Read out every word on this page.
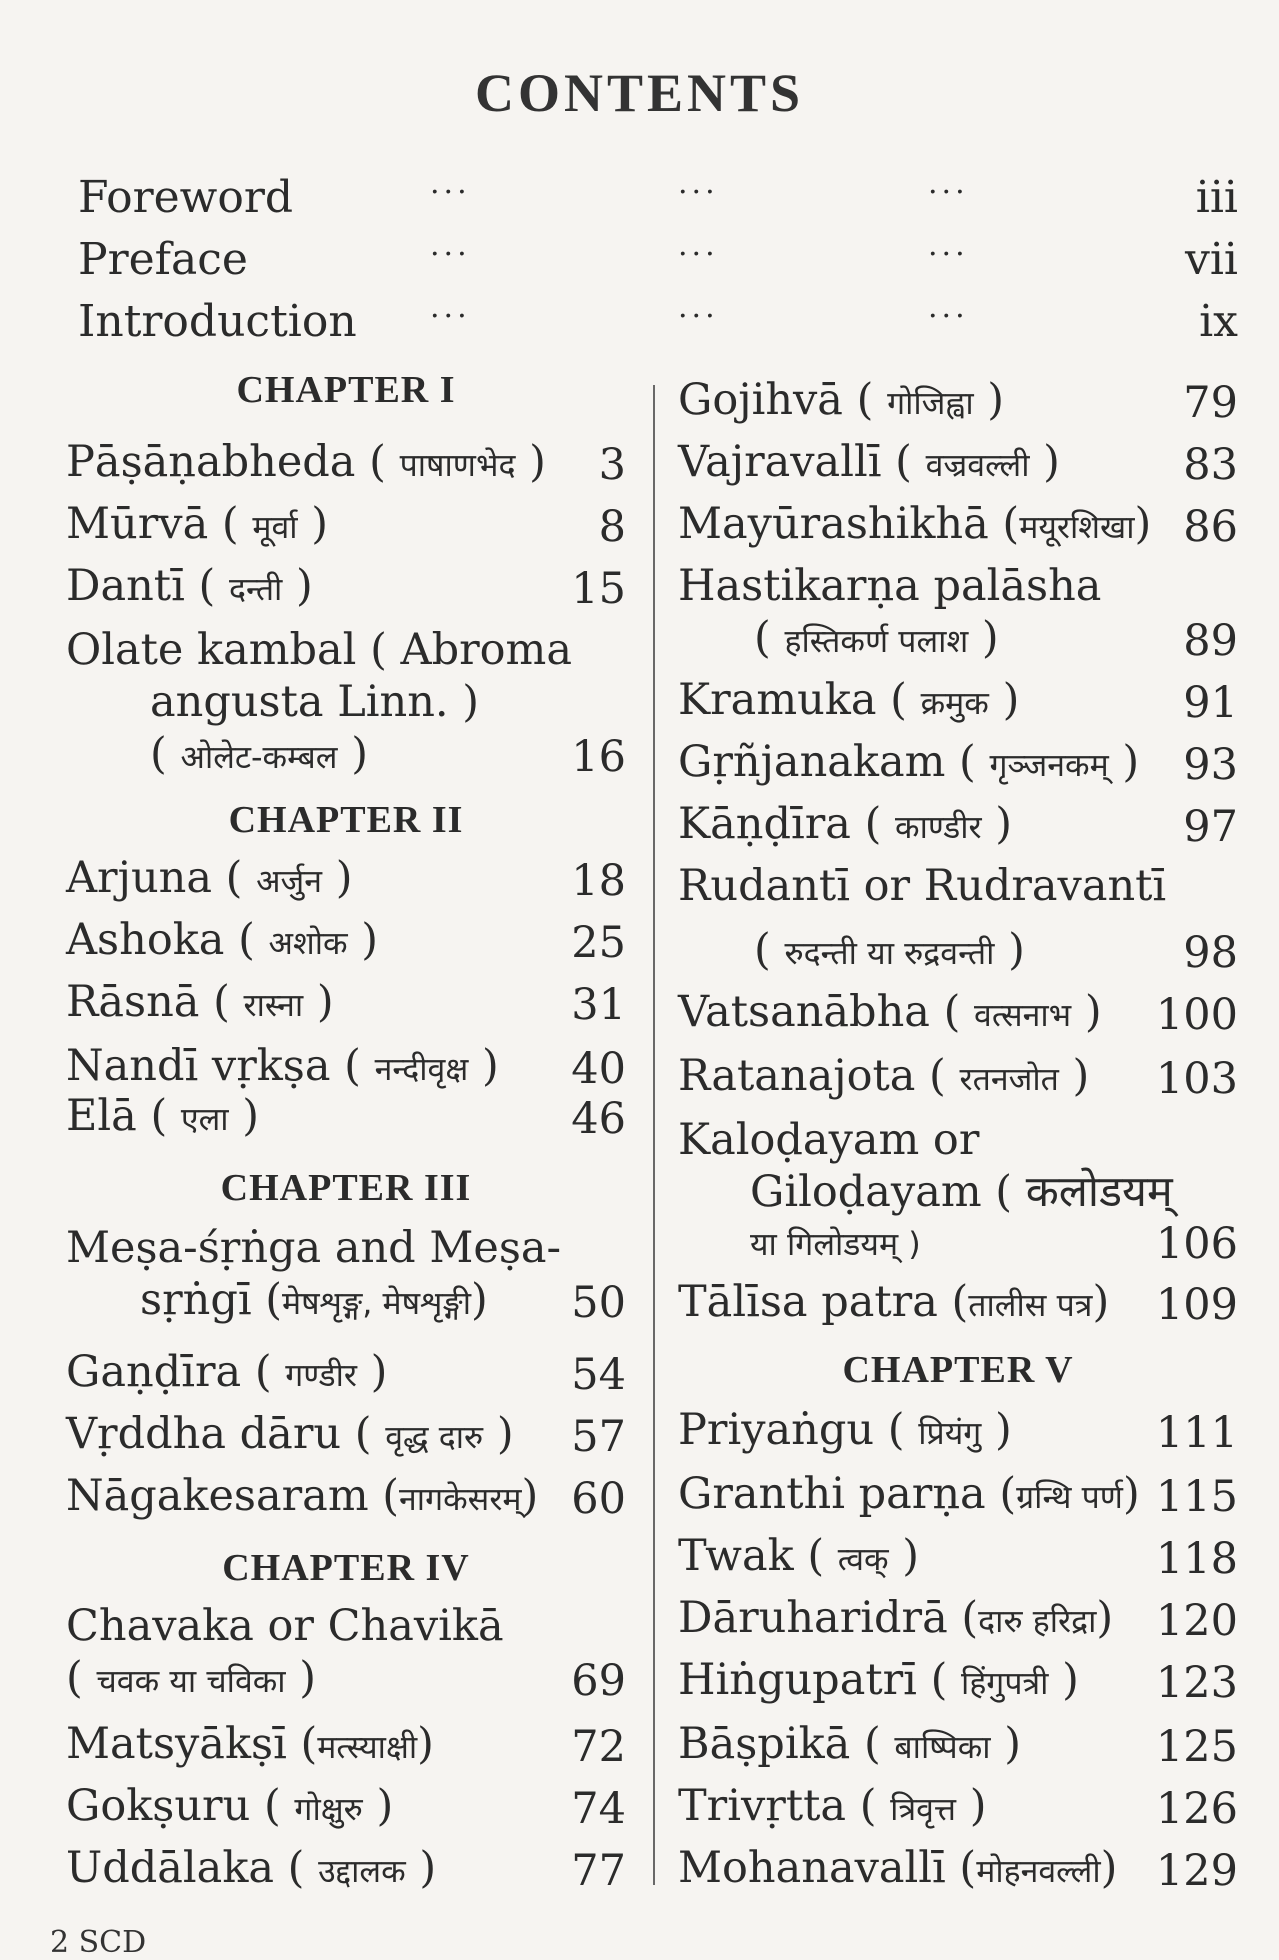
CONTENTS
Foreword	...	...	...	iii
Preface	...	...	...	vii
Introduction ...	...	...	ix
CHAPTER I
Pāṣāṇabheda ( पाषाणभेद ) 3
Mūrvā ( मूर्वा )	8
Dantī ( दन्ती )	15
Olate kambal ( Abroma
angusta Linn. )
( ओलेट-कम्बल )	16
CHAPTER II
Arjuna ( अर्जुन )	18
Ashoka ( अशोक )	25
Rāsnā ( रास्ना )	31
Nandī vṛkṣa ( नन्दीवृक्ष ) 40
Elā ( एला )	46
CHAPTER III
Meṣa-śṛṅga and Meṣa-
sṛṅgī (मेषशृङ्ग, मेषशृङ्गी)	50
Gaṇḍīra ( गण्डीर )	54
Vṛddha dāru ( वृद्ध दारु ) 57
Nāgakesaram (नागकेसरम्) 60
CHAPTER IV
Chavaka or Chavikā
( चवक या चविका )	69
Matsyākṣī (मत्स्याक्षी)	72
Gokṣuru ( गोक्षुरु )	74
Uddālaka ( उद्दालक )	77
Gojihvā ( गोजिह्वा )	79
Vajravallī ( वज्रवल्ली )	83
Mayūrashikhā (मयूरशिखा) 86
Hastikarṇa palāsha
( हस्तिकर्ण पलाश )	89
Kramuka ( क्रमुक )	91
Gṛñjanakam ( गृञ्जनकम् ) 93
Kāṇḍīra ( काण्डीर )	97
Rudantī or Rudravantī
( रुदन्ती या रुद्रवन्ती )	98
Vatsanābha ( वत्सनाभ ) 100
Ratanajota ( रतनजोत ) 103
Kaloḍayam or
Giloḍayam ( कलोडयम्
या गिलोडयम् )	106
Tālīsa patra (तालीस पत्र) 109
CHAPTER V
Priyaṅgu ( प्रियंगु )	111
Granthi parṇa (ग्रन्थि पर्ण) 115
Twak ( त्वक् )	118
Dāruharidrā (दारु हरिद्रा) 120
Hiṅgupatrī ( हिंगुपत्री ) 123
Bāṣpikā ( बाष्पिका )	125
Trivṛtta ( त्रिवृत्त )	126
Mohanavallī (मोहनवल्ली) 129
2 SCD
